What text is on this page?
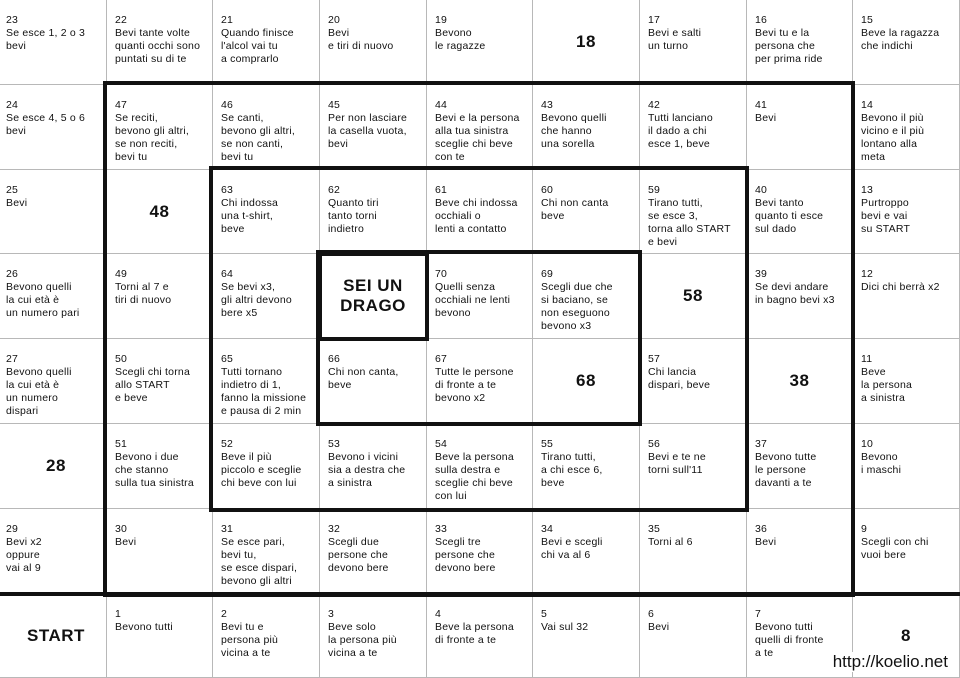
23
Se esce 1, 2 o 3
bevi
22
Bevi tante volte
quanti occhi sono
puntati su di te
21
Quando finisce
l'alcol vai tu
a comprarlo
20
Bevi
e tiri di nuovo
19
Bevono
le ragazze	18
17
Bevi e salti
un turno
16
Bevi tu e la
persona che
per prima ride
15
Beve la ragazza
che indichi
24
Se esce 4, 5 o 6
bevi
47
Se reciti,
bevono gli altri,
se non reciti,
bevi tu
46
Se canti,
bevono gli altri,
se non canti,
bevi tu
45
Per non lasciare
la casella vuota,
bevi
44
Bevi e la persona
alla tua sinistra
sceglie chi beve
con te
43
Bevono quelli
che hanno
una sorella
42
Tutti lanciano
il dado a chi
esce 1, beve
41
Bevi
14
Bevono il più
vicino e il più
lontano alla
meta
25
Bevi	48
63
Chi indossa
una t-shirt,
beve
62
Quanto tiri
tanto torni
indietro
61
Beve chi indossa
occhiali o
lenti a contatto
60
Chi non canta
beve
59
Tirano tutti,
se esce 3,
torna allo START
e bevi
40
Bevi tanto
quanto ti esce
sul dado
13
Purtroppo
bevi e vai
su START
26
Bevono quelli
la cui età è
un numero pari
49
Torni al 7 e
tiri di nuovo
64
Se bevi x3,
gli altri devono
bere x5
SEI UN
DRAGO
70
Quelli senza
occhiali ne lenti
bevono
69
Scegli due che
si baciano, se
non eseguono
bevono x3
58
39
Se devi andare
in bagno bevi x3
12
Dici chi berrà x2
27
Bevono quelli
la cui età è
un numero
dispari
50
Scegli chi torna
allo START
e beve
65
Tutti tornano
indietro di 1,
fanno la missione
e pausa di 2 min
66
Chi non canta,
beve
67
Tutte le persone
di fronte a te
bevono x2
68
57
Chi lancia
dispari, beve	38
11
Beve
la persona
a sinistra
28
51
Bevono i due
che stanno
sulla tua sinistra
52
Beve il più
piccolo e sceglie
chi beve con lui
53
Bevono i vicini
sia a destra che
a sinistra
54
Beve la persona
sulla destra e
sceglie chi beve
con lui
55
Tirano tutti,
a chi esce 6,
beve
56
Bevi e te ne
torni sull'11
37
Bevono tutte
le persone
davanti a te
10
Bevono
i maschi
29
Bevi x2
oppure
vai al 9
30
Bevi
31
Se esce pari,
bevi tu,
se esce dispari,
bevono gli altri
32
Scegli due
persone che
devono bere
33
Scegli tre
persone che
devono bere
34
Bevi e scegli
chi va al 6
35
Torni al 6
36
Bevi
9
Scegli con chi
vuoi bere
START
1
Bevono tutti
2
Bevi tu e
persona più
vicina a te
3
Beve solo
la persona più
vicina a te
4
Beve la persona
di fronte a te
5
Vai sul 32
6
Bevi
7
Bevono tutti
quelli di fronte
a te
8
http://koelio.net
